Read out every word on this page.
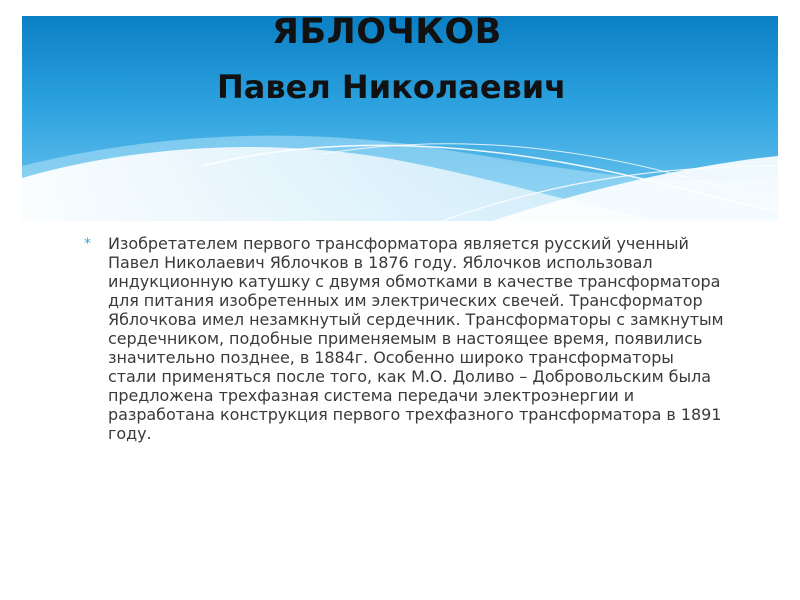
ЯБЛОЧКОВ
Павел Николаевич
* Изобретателем первого трансформатора является русский ученный Павел Николаевич Яблочков в 1876 году. Яблочков использовал индукционную катушку с двумя обмотками в качестве трансформатора для питания изобретенных им электрических свечей. Трансформатор Яблочкова имел незамкнутый сердечник. Трансформаторы с замкнутым сердечником, подобные применяемым в настоящее время, появились значительно позднее, в 1884г. Особенно широко трансформаторы стали применяться после того, как М.О. Доливо – Добровольским была предложена трехфазная система передачи электроэнергии и разработана конструкция первого трехфазного трансформатора в 1891 году.
